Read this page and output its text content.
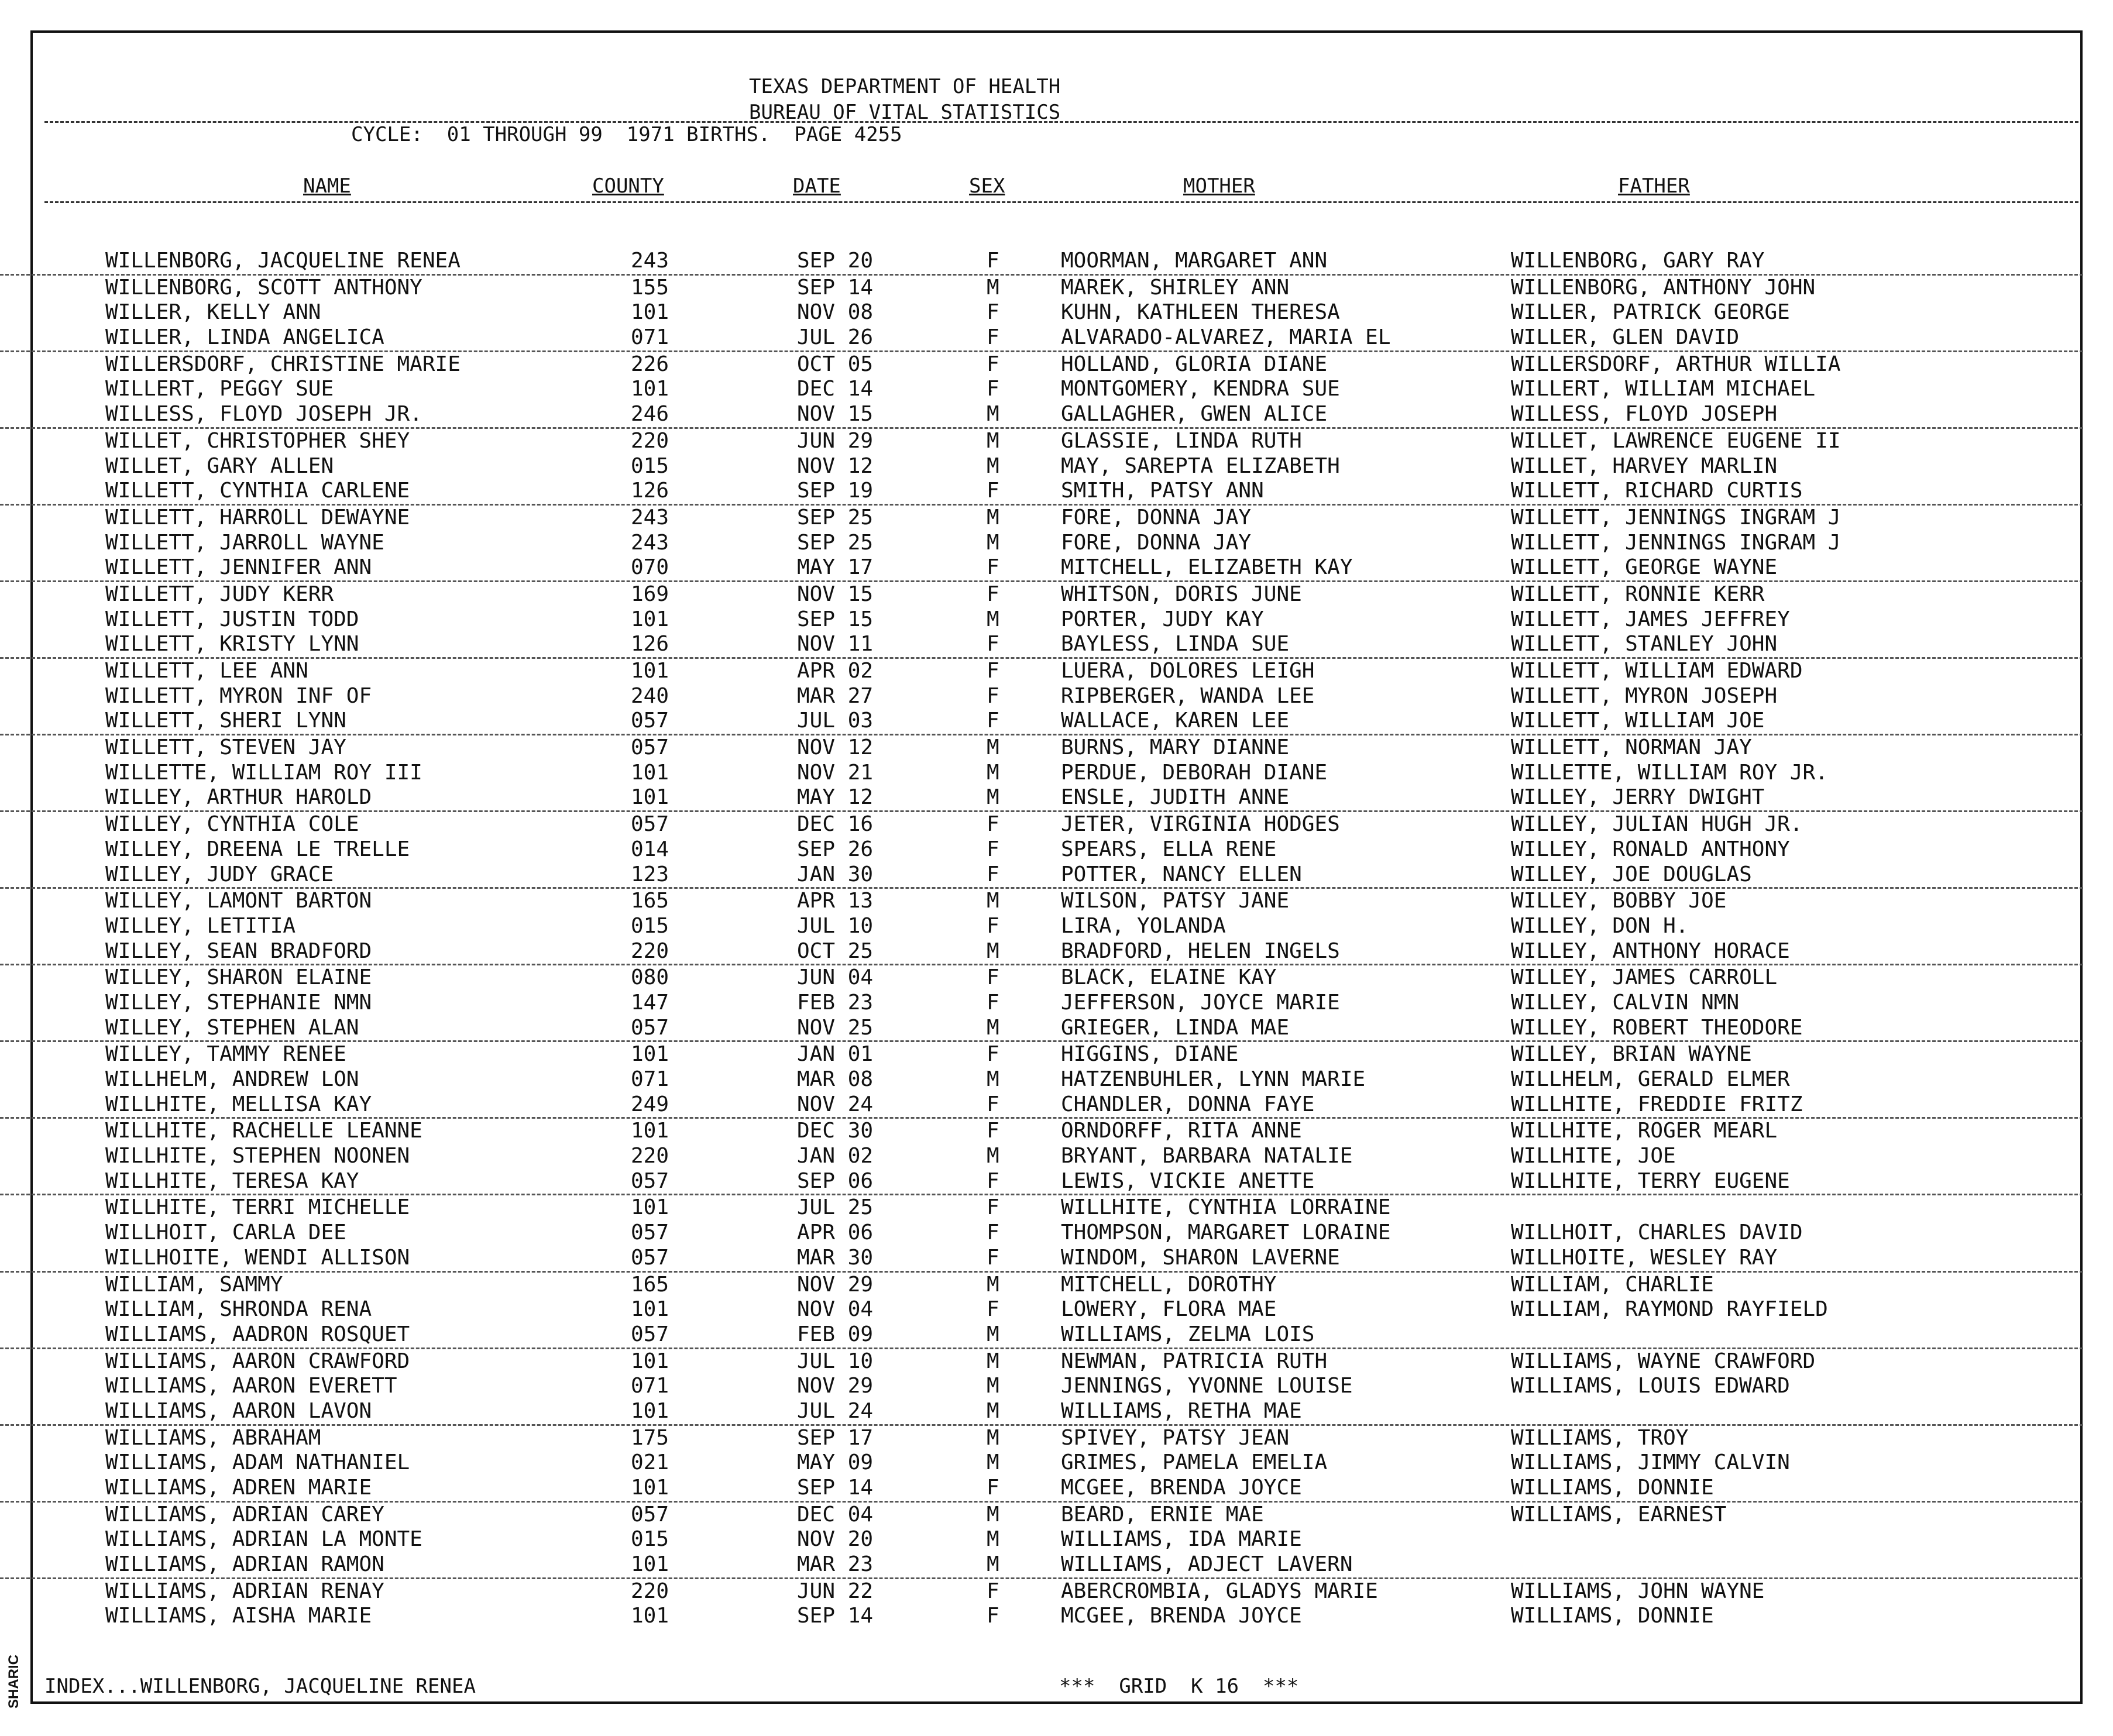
SHARIC
TEXAS DEPARTMENT OF HEALTH
BUREAU OF VITAL STATISTICS
CYCLE:  01 THROUGH 99  1971 BIRTHS.  PAGE 4255
NAME	COUNTY	DATE	SEX	MOTHER	FATHER
WILLENBORG, JACQUELINE RENEA	243	SEP 20	F	MOORMAN, MARGARET ANN	WILLENBORG, GARY RAY
WILLENBORG, SCOTT ANTHONY	155	SEP 14	M	MAREK, SHIRLEY ANN	WILLENBORG, ANTHONY JOHN
WILLER, KELLY ANN	101	NOV 08	F	KUHN, KATHLEEN THERESA	WILLER, PATRICK GEORGE
WILLER, LINDA ANGELICA	071	JUL 26	F	ALVARADO-ALVAREZ, MARIA EL	WILLER, GLEN DAVID
WILLERSDORF, CHRISTINE MARIE	226	OCT 05	F	HOLLAND, GLORIA DIANE	WILLERSDORF, ARTHUR WILLIA
WILLERT, PEGGY SUE	101	DEC 14	F	MONTGOMERY, KENDRA SUE	WILLERT, WILLIAM MICHAEL
WILLESS, FLOYD JOSEPH JR.	246	NOV 15	M	GALLAGHER, GWEN ALICE	WILLESS, FLOYD JOSEPH
WILLET, CHRISTOPHER SHEY	220	JUN 29	M	GLASSIE, LINDA RUTH	WILLET, LAWRENCE EUGENE II
WILLET, GARY ALLEN	015	NOV 12	M	MAY, SAREPTA ELIZABETH	WILLET, HARVEY MARLIN
WILLETT, CYNTHIA CARLENE	126	SEP 19	F	SMITH, PATSY ANN	WILLETT, RICHARD CURTIS
WILLETT, HARROLL DEWAYNE	243	SEP 25	M	FORE, DONNA JAY	WILLETT, JENNINGS INGRAM J
WILLETT, JARROLL WAYNE	243	SEP 25	M	FORE, DONNA JAY	WILLETT, JENNINGS INGRAM J
WILLETT, JENNIFER ANN	070	MAY 17	F	MITCHELL, ELIZABETH KAY	WILLETT, GEORGE WAYNE
WILLETT, JUDY KERR	169	NOV 15	F	WHITSON, DORIS JUNE	WILLETT, RONNIE KERR
WILLETT, JUSTIN TODD	101	SEP 15	M	PORTER, JUDY KAY	WILLETT, JAMES JEFFREY
WILLETT, KRISTY LYNN	126	NOV 11	F	BAYLESS, LINDA SUE	WILLETT, STANLEY JOHN
WILLETT, LEE ANN	101	APR 02	F	LUERA, DOLORES LEIGH	WILLETT, WILLIAM EDWARD
WILLETT, MYRON INF OF	240	MAR 27	F	RIPBERGER, WANDA LEE	WILLETT, MYRON JOSEPH
WILLETT, SHERI LYNN	057	JUL 03	F	WALLACE, KAREN LEE	WILLETT, WILLIAM JOE
WILLETT, STEVEN JAY	057	NOV 12	M	BURNS, MARY DIANNE	WILLETT, NORMAN JAY
WILLETTE, WILLIAM ROY III	101	NOV 21	M	PERDUE, DEBORAH DIANE	WILLETTE, WILLIAM ROY JR.
WILLEY, ARTHUR HAROLD	101	MAY 12	M	ENSLE, JUDITH ANNE	WILLEY, JERRY DWIGHT
WILLEY, CYNTHIA COLE	057	DEC 16	F	JETER, VIRGINIA HODGES	WILLEY, JULIAN HUGH JR.
WILLEY, DREENA LE TRELLE	014	SEP 26	F	SPEARS, ELLA RENE	WILLEY, RONALD ANTHONY
WILLEY, JUDY GRACE	123	JAN 30	F	POTTER, NANCY ELLEN	WILLEY, JOE DOUGLAS
WILLEY, LAMONT BARTON	165	APR 13	M	WILSON, PATSY JANE	WILLEY, BOBBY JOE
WILLEY, LETITIA	015	JUL 10	F	LIRA, YOLANDA	WILLEY, DON H.
WILLEY, SEAN BRADFORD	220	OCT 25	M	BRADFORD, HELEN INGELS	WILLEY, ANTHONY HORACE
WILLEY, SHARON ELAINE	080	JUN 04	F	BLACK, ELAINE KAY	WILLEY, JAMES CARROLL
WILLEY, STEPHANIE NMN	147	FEB 23	F	JEFFERSON, JOYCE MARIE	WILLEY, CALVIN NMN
WILLEY, STEPHEN ALAN	057	NOV 25	M	GRIEGER, LINDA MAE	WILLEY, ROBERT THEODORE
WILLEY, TAMMY RENEE	101	JAN 01	F	HIGGINS, DIANE	WILLEY, BRIAN WAYNE
WILLHELM, ANDREW LON	071	MAR 08	M	HATZENBUHLER, LYNN MARIE	WILLHELM, GERALD ELMER
WILLHITE, MELLISA KAY	249	NOV 24	F	CHANDLER, DONNA FAYE	WILLHITE, FREDDIE FRITZ
WILLHITE, RACHELLE LEANNE	101	DEC 30	F	ORNDORFF, RITA ANNE	WILLHITE, ROGER MEARL
WILLHITE, STEPHEN NOONEN	220	JAN 02	M	BRYANT, BARBARA NATALIE	WILLHITE, JOE
WILLHITE, TERESA KAY	057	SEP 06	F	LEWIS, VICKIE ANETTE	WILLHITE, TERRY EUGENE
WILLHITE, TERRI MICHELLE	101	JUL 25	F	WILLHITE, CYNTHIA LORRAINE
WILLHOIT, CARLA DEE	057	APR 06	F	THOMPSON, MARGARET LORAINE	WILLHOIT, CHARLES DAVID
WILLHOITE, WENDI ALLISON	057	MAR 30	F	WINDOM, SHARON LAVERNE	WILLHOITE, WESLEY RAY
WILLIAM, SAMMY	165	NOV 29	M	MITCHELL, DOROTHY	WILLIAM, CHARLIE
WILLIAM, SHRONDA RENA	101	NOV 04	F	LOWERY, FLORA MAE	WILLIAM, RAYMOND RAYFIELD
WILLIAMS, AADRON ROSQUET	057	FEB 09	M	WILLIAMS, ZELMA LOIS
WILLIAMS, AARON CRAWFORD	101	JUL 10	M	NEWMAN, PATRICIA RUTH	WILLIAMS, WAYNE CRAWFORD
WILLIAMS, AARON EVERETT	071	NOV 29	M	JENNINGS, YVONNE LOUISE	WILLIAMS, LOUIS EDWARD
WILLIAMS, AARON LAVON	101	JUL 24	M	WILLIAMS, RETHA MAE
WILLIAMS, ABRAHAM	175	SEP 17	M	SPIVEY, PATSY JEAN	WILLIAMS, TROY
WILLIAMS, ADAM NATHANIEL	021	MAY 09	M	GRIMES, PAMELA EMELIA	WILLIAMS, JIMMY CALVIN
WILLIAMS, ADREN MARIE	101	SEP 14	F	MCGEE, BRENDA JOYCE	WILLIAMS, DONNIE
WILLIAMS, ADRIAN CAREY	057	DEC 04	M	BEARD, ERNIE MAE	WILLIAMS, EARNEST
WILLIAMS, ADRIAN LA MONTE	015	NOV 20	M	WILLIAMS, IDA MARIE
WILLIAMS, ADRIAN RAMON	101	MAR 23	M	WILLIAMS, ADJECT LAVERN
WILLIAMS, ADRIAN RENAY	220	JUN 22	F	ABERCROMBIA, GLADYS MARIE	WILLIAMS, JOHN WAYNE
WILLIAMS, AISHA MARIE	101	SEP 14	F	MCGEE, BRENDA JOYCE	WILLIAMS, DONNIE
INDEX...WILLENBORG, JACQUELINE RENEA	***  GRID  K 16  ***
